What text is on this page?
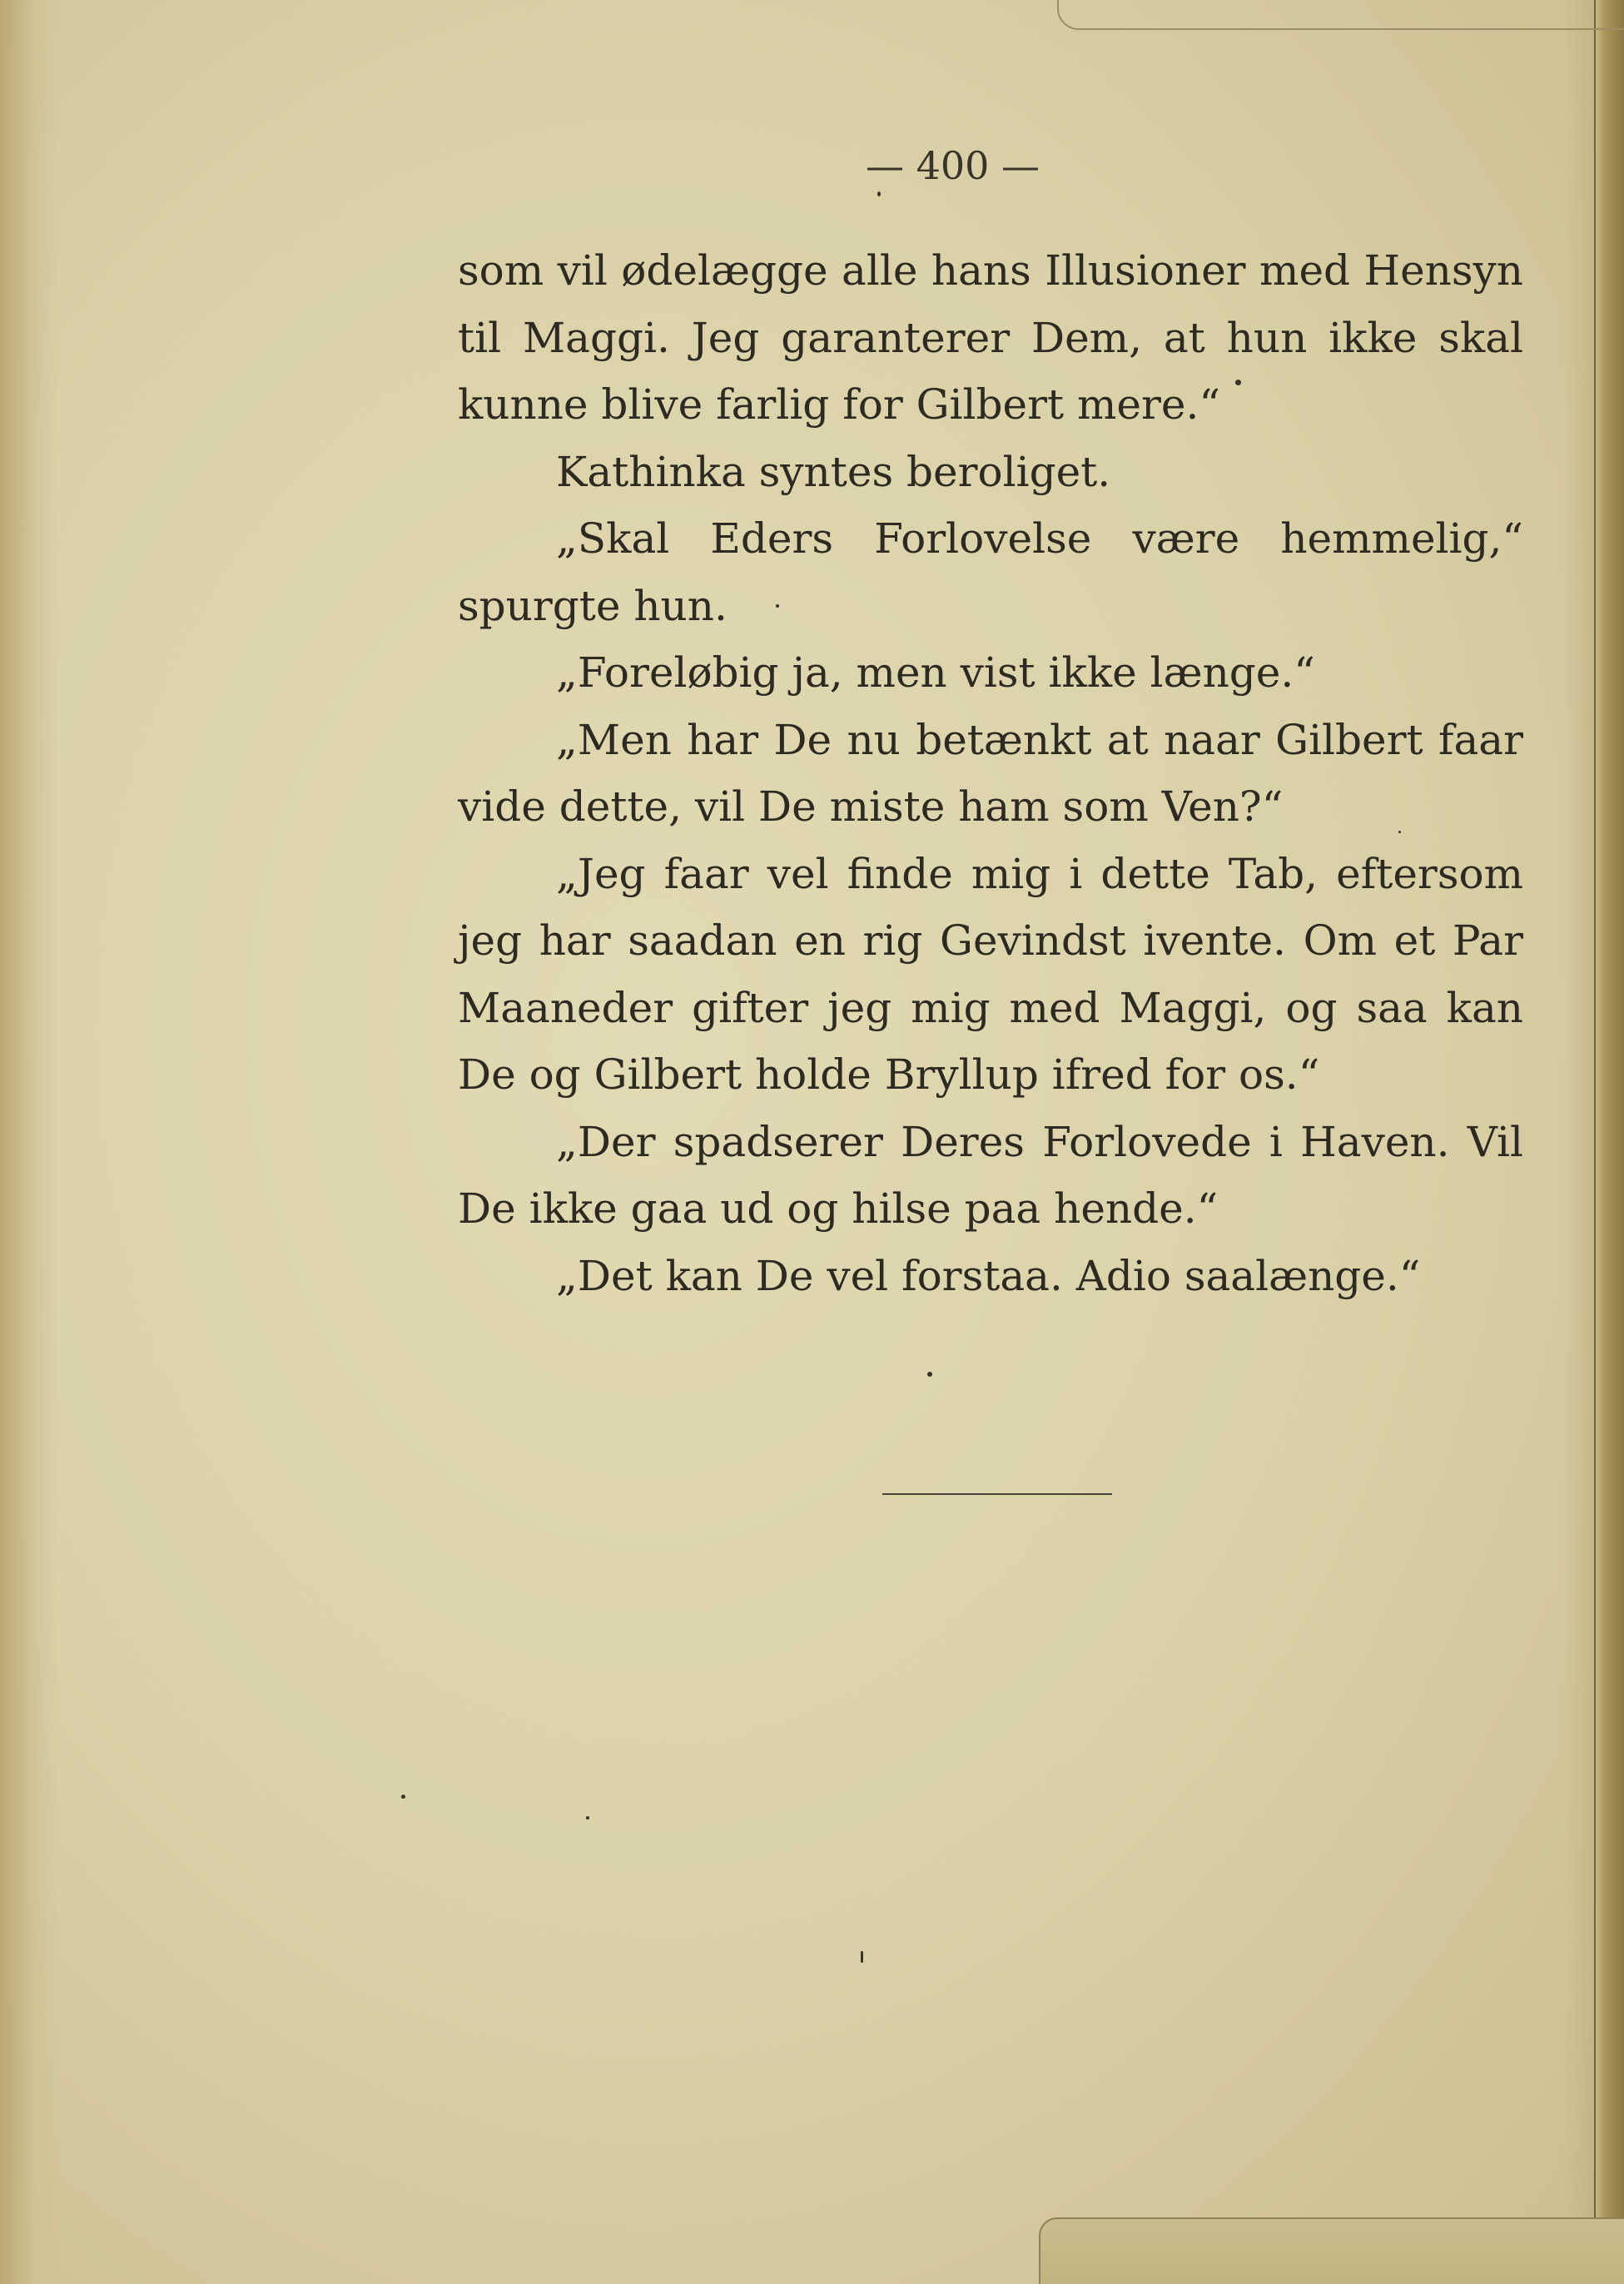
— 400 —

som vil ødelægge alle hans Illusioner med Hensyn til Maggi. Jeg garanterer Dem, at hun ikke skal kunne blive farlig for Gilbert mere.“

Kathinka syntes beroliget.

„Skal Eders Forlovelse være hemmelig,“ spurgte hun.

„Foreløbig ja, men vist ikke længe.“

„Men har De nu betænkt at naar Gilbert faar vide dette, vil De miste ham som Ven?“

„Jeg faar vel finde mig i dette Tab, eftersom jeg har saadan en rig Gevindst ivente. Om et Par Maaneder gifter jeg mig med Maggi, og saa kan De og Gilbert holde Bryllup ifred for os.“

„Der spadserer Deres Forlovede i Haven. Vil De ikke gaa ud og hilse paa hende.“

„Det kan De vel forstaa. Adio saalænge.“
